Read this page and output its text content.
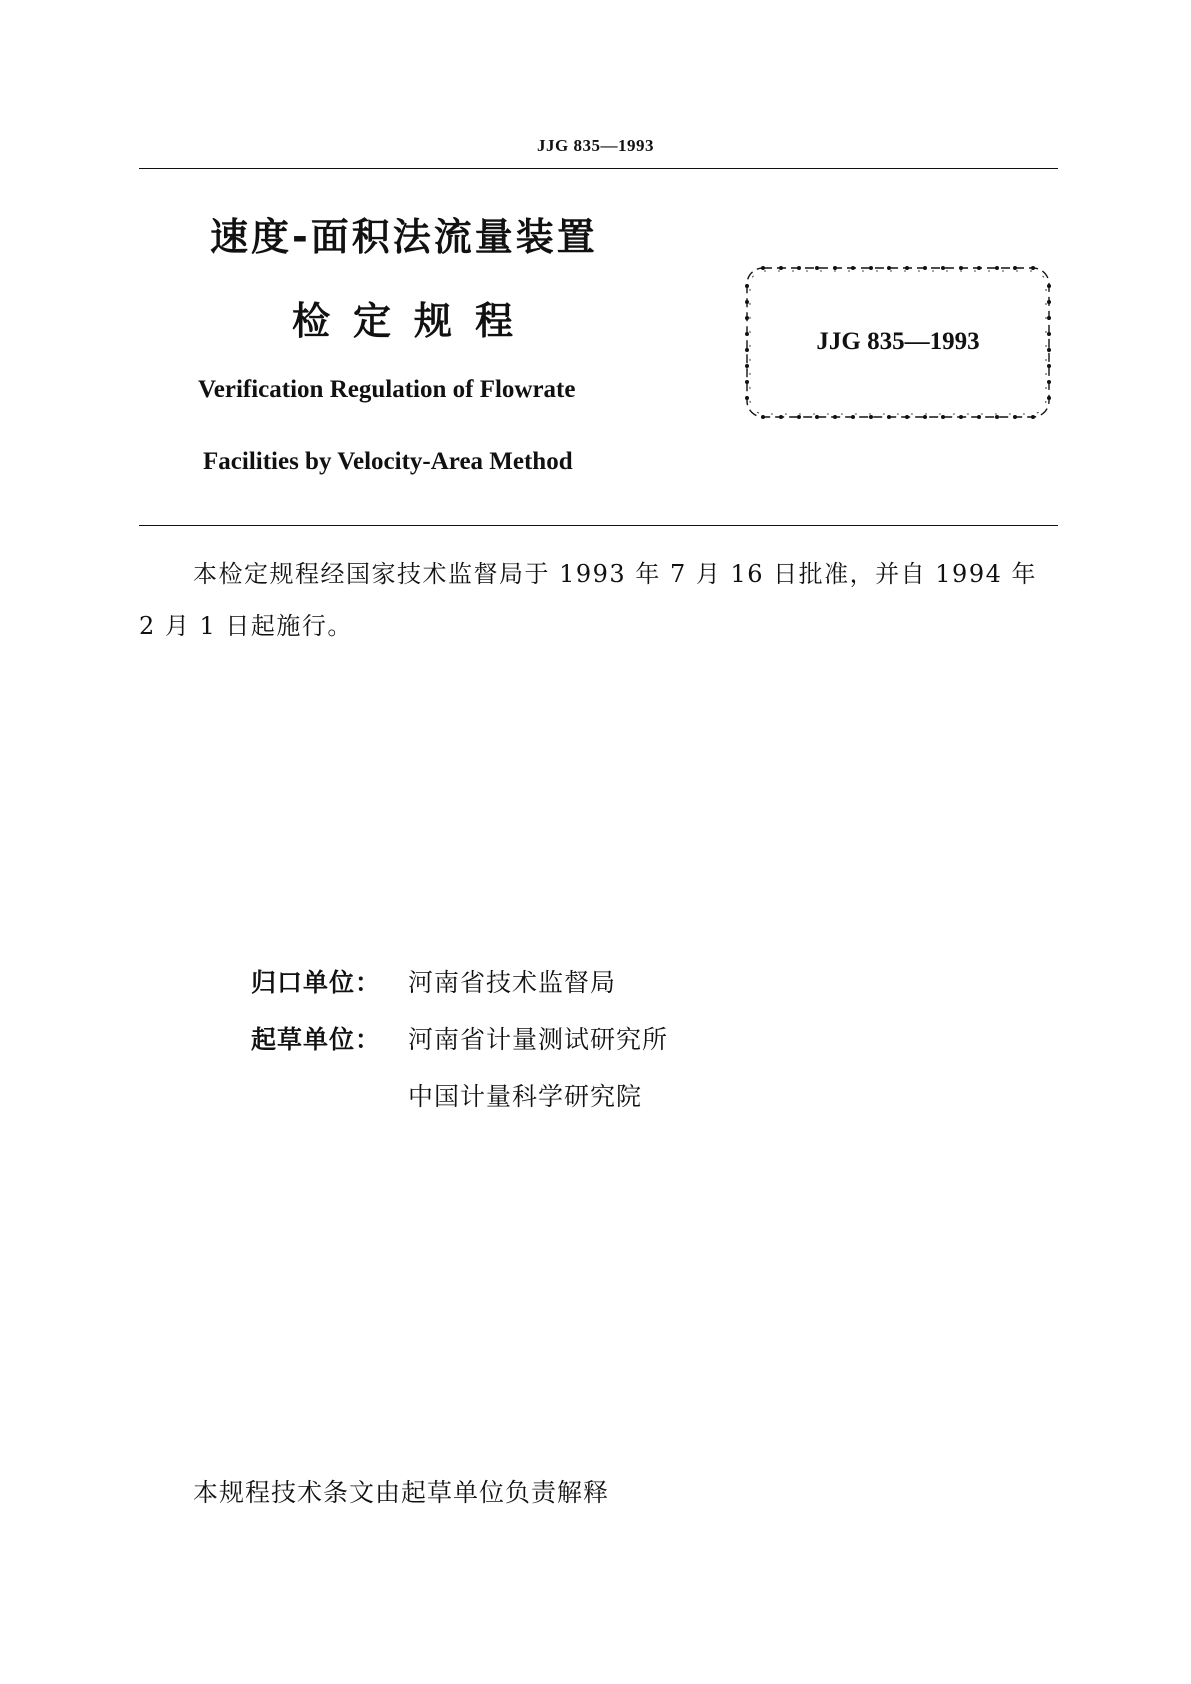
JJG 835—1993
速度-面积法流量装置
检定规程
Verification Regulation of Flowrate
Facilities by Velocity-Area Method
JJG 835—1993
本检定规程经国家技术监督局于 1993 年 7 月 16 日批准，并自 1994 年 2 月 1 日起施行。
归口单位： 河南省技术监督局
起草单位： 河南省计量测试研究所
中国计量科学研究院
本规程技术条文由起草单位负责解释
